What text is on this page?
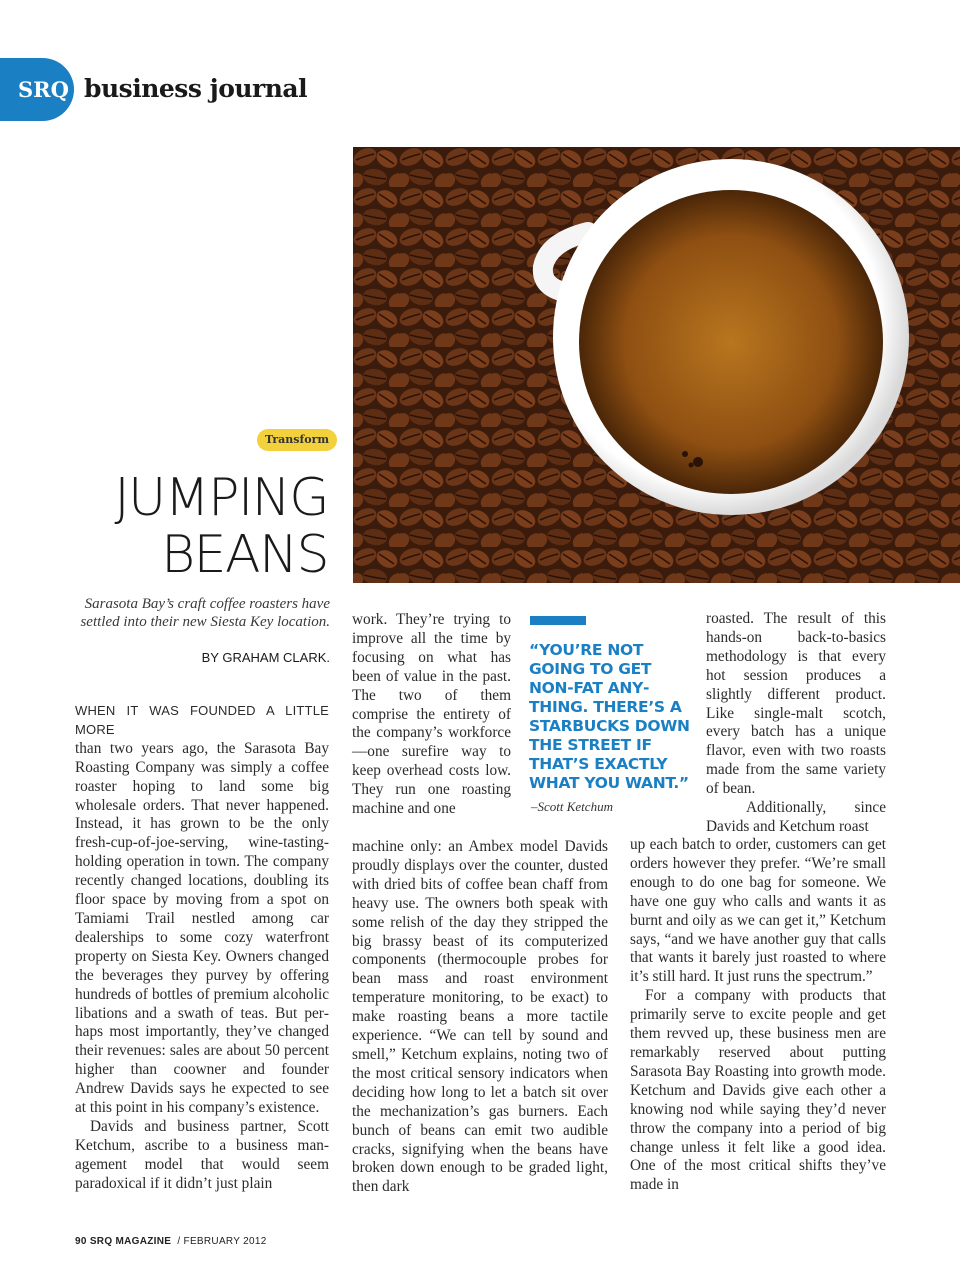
SRQ business journal
Transform
JUMPING
BEANS
Sarasota Bay’s craft coffee roasters have settled into their new Siesta Key location.
BY GRAHAM CLARK.

WHEN IT WAS FOUNDED A LITTLE MORE
than two years ago, the Sarasota Bay Roasting Company was simply a coffee roaster hoping to land some big wholesale orders. That never happened. Instead, it has grown to be the only fresh-cup-of-joe-serving, wine-tasting-holding operation in town. The company recently changed locations, doubling its floor space by moving from a spot on Tamiami Trail nestled among car dealerships to some cozy waterfront property on Siesta Key. Owners changed the beverages they purvey by offering hundreds of bottles of premium alcoholic libations and a swath of teas. But perhaps most importantly, they’ve changed their revenues: sales are about 50 percent higher than coowner and founder Andrew Davids says he expected to see at this point in his company’s existence.

Davids and business partner, Scott Ketchum, ascribe to a business management model that would seem paradoxical if it didn’t just plain

work. They’re trying to improve all the time by focusing on what has been of value in the past. The two of them comprise the entirety of the company’s workforce—one surefire way to keep overhead costs low. They run one roasting machine and one

machine only: an Ambex model Davids proudly displays over the counter, dusted with dried bits of coffee bean chaff from heavy use. The owners both speak with some relish of the day they stripped the big brassy beast of its computerized components (thermocouple probes for bean mass and roast environment temperature monitoring, to be exact) to make roasting beans a more tactile experience. “We can tell by sound and smell,” Ketchum explains, noting two of the most critical sensory indicators when deciding how long to let a batch sit over the mechanization’s gas burners. Each bunch of beans can emit two audible cracks, signifying when the beans have broken down enough to be graded light, then dark

“YOU’RE NOT GOING TO GET NON-FAT ANYTHING. THERE’S A STARBUCKS DOWN THE STREET IF THAT’S EXACTLY WHAT YOU WANT.”
–Scott Ketchum

roasted. The result of this hands-on back-to-basics methodology is that every hot session produces a slightly different product. Like single-malt scotch, every batch has a unique flavor, even with two roasts made from the same variety of bean.

Additionally, since Davids and Ketchum roast

up each batch to order, customers can get orders however they prefer. “We’re small enough to do one bag for someone. We have one guy who calls and wants it as burnt and oily as we can get it,” Ketchum says, “and we have another guy that calls that wants it barely just roasted to where it’s still hard. It just runs the spectrum.”

For a company with products that primarily serve to excite people and get them revved up, these business men are remarkably reserved about putting Sarasota Bay Roasting into growth mode. Ketchum and Davids give each other a knowing nod while saying they’d never throw the company into a period of big change unless it felt like a good idea. One of the most critical shifts they’ve made in

90 SRQ MAGAZINE / FEBRUARY 2012
